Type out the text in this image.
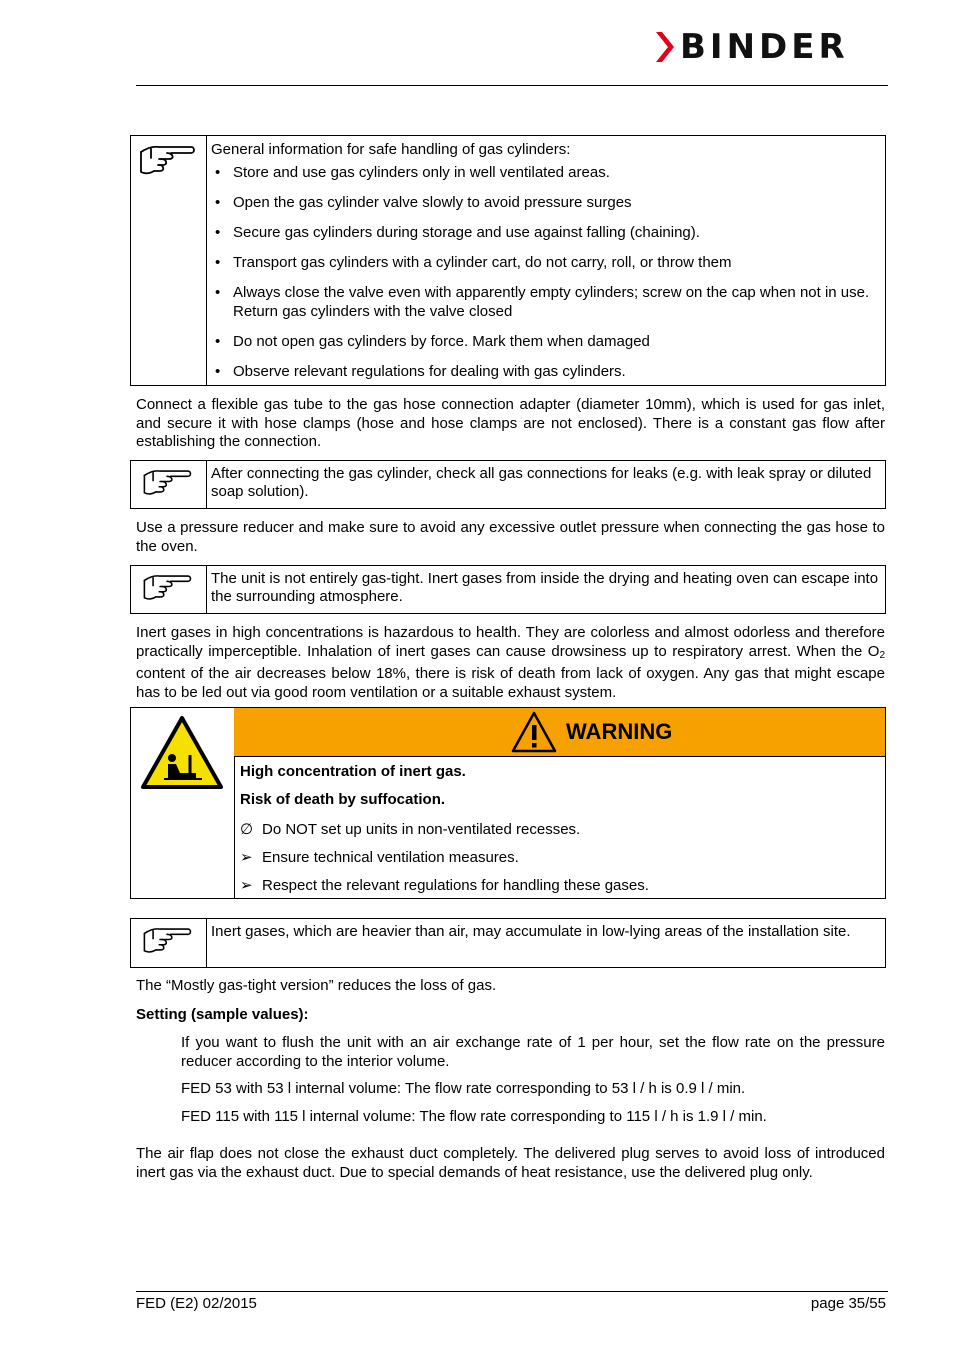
BINDER
General information for safe handling of gas cylinders:
• Store and use gas cylinders only in well ventilated areas.
• Open the gas cylinder valve slowly to avoid pressure surges
• Secure gas cylinders during storage and use against falling (chaining).
• Transport gas cylinders with a cylinder cart, do not carry, roll, or throw them
• Always close the valve even with apparently empty cylinders; screw on the cap when not in use. Return gas cylinders with the valve closed
• Do not open gas cylinders by force. Mark them when damaged
• Observe relevant regulations for dealing with gas cylinders.
Connect a flexible gas tube to the gas hose connection adapter (diameter 10mm), which is used for gas inlet, and secure it with hose clamps (hose and hose clamps are not enclosed). There is a constant gas flow after establishing the connection.
After connecting the gas cylinder, check all gas connections for leaks (e.g. with leak spray or diluted soap solution).
Use a pressure reducer and make sure to avoid any excessive outlet pressure when connecting the gas hose to the oven.
The unit is not entirely gas-tight. Inert gases from inside the drying and heating oven can escape into the surrounding atmosphere.
Inert gases in high concentrations is hazardous to health. They are colorless and almost odorless and therefore practically imperceptible. Inhalation of inert gases can cause drowsiness up to respiratory arrest. When the $O_2$ content of the air decreases below 18%, there is risk of death from lack of oxygen. Any gas that might escape has to be led out via good room ventilation or a suitable exhaust system.
WARNING
High concentration of inert gas.
Risk of death by suffocation.
∅ Do NOT set up units in non-ventilated recesses.
➢ Ensure technical ventilation measures.
➢ Respect the relevant regulations for handling these gases.
Inert gases, which are heavier than air, may accumulate in low-lying areas of the installation site.
The “Mostly gas-tight version” reduces the loss of gas.
Setting (sample values):
If you want to flush the unit with an air exchange rate of 1 per hour, set the flow rate on the pressure reducer according to the interior volume.
FED 53 with 53 l internal volume: The flow rate corresponding to 53 l / h is 0.9 l / min.
FED 115 with 115 l internal volume: The flow rate corresponding to 115 l / h is 1.9 l / min.
The air flap does not close the exhaust duct completely. The delivered plug serves to avoid loss of introduced inert gas via the exhaust duct. Due to special demands of heat resistance, use the delivered plug only.
FED (E2) 02/2015	page 35/55
